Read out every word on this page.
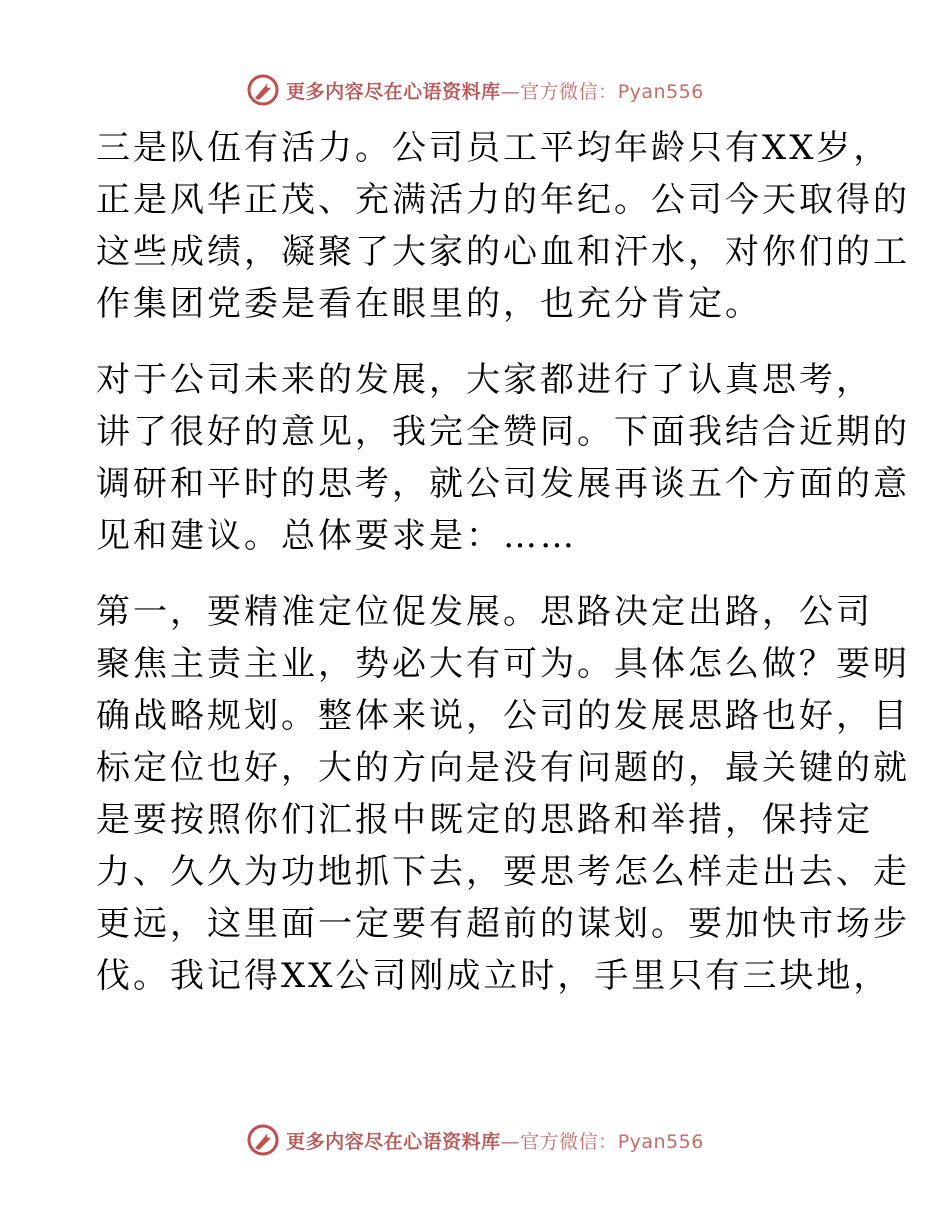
更多内容尽在心语资料库—官方微信：Pyan556
三是队伍有活力。公司员工平均年龄只有XX岁，
正是风华正茂、充满活力的年纪。公司今天取得的
这些成绩，凝聚了大家的心血和汗水，对你们的工
作集团党委是看在眼里的，也充分肯定。
对于公司未来的发展，大家都进行了认真思考，
讲了很好的意见，我完全赞同。下面我结合近期的
调研和平时的思考，就公司发展再谈五个方面的意
见和建议。总体要求是：……
第一，要精准定位促发展。思路决定出路，公司
聚焦主责主业，势必大有可为。具体怎么做？要明
确战略规划。整体来说，公司的发展思路也好，目
标定位也好，大的方向是没有问题的，最关键的就
是要按照你们汇报中既定的思路和举措，保持定
力、久久为功地抓下去，要思考怎么样走出去、走
更远，这里面一定要有超前的谋划。要加快市场步
伐。我记得XX公司刚成立时，手里只有三块地，
更多内容尽在心语资料库—官方微信：Pyan556
